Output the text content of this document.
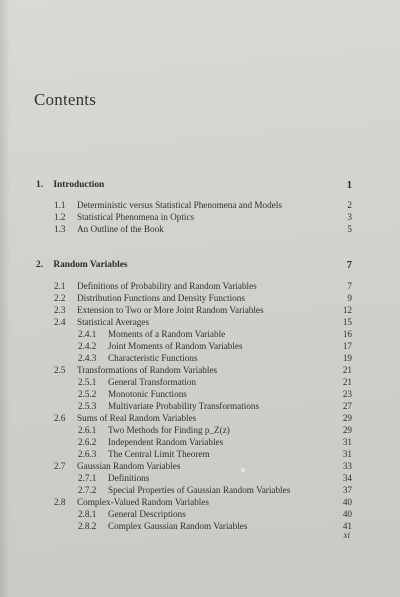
Contents
1. Introduction	1
1.1 Deterministic versus Statistical Phenomena and Models	2
1.2 Statistical Phenomena in Optics	3
1.3 An Outline of the Book	5
2. Random Variables	7
2.1 Definitions of Probability and Random Variables	7
2.2 Distribution Functions and Density Functions	9
2.3 Extension to Two or More Joint Random Variables	12
2.4 Statistical Averages	15
2.4.1 Moments of a Random Variable	16
2.4.2 Joint Moments of Random Variables	17
2.4.3 Characteristic Functions	19
2.5 Transformations of Random Variables	21
2.5.1 General Transformation	21
2.5.2 Monotonic Functions	23
2.5.3 Multivariate Probability Transformations	27
2.6 Sums of Real Random Variables	29
2.6.1 Two Methods for Finding p_Z(z)	29
2.6.2 Independent Random Variables	31
2.6.3 The Central Limit Theorem	31
2.7 Gaussian Random Variables	33
2.7.1 Definitions	34
2.7.2 Special Properties of Gaussian Random Variables	37
2.8 Complex-Valued Random Variables	40
2.8.1 General Descriptions	40
2.8.2 Complex Gaussian Random Variables	41
xi
